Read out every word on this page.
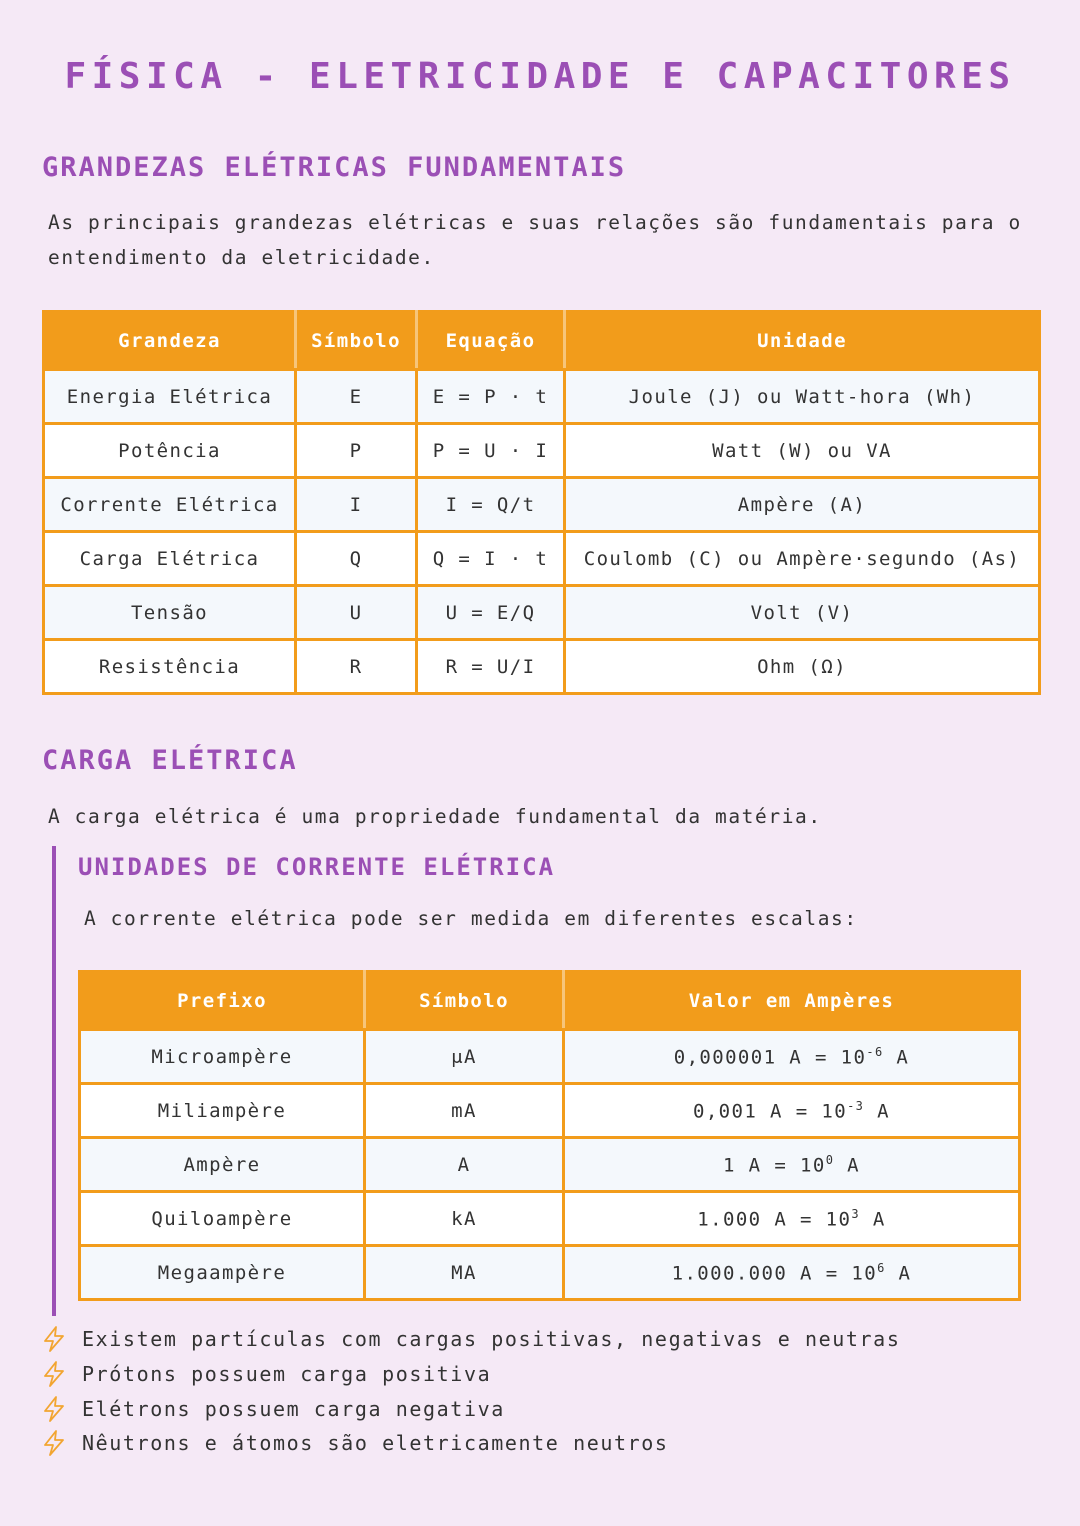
FÍSICA - ELETRICIDADE E CAPACITORES
GRANDEZAS ELÉTRICAS FUNDAMENTAIS

As principais grandezas elétricas e suas relações são fundamentais para o
entendimento da eletricidade.

Grandeza	Símbolo	Equação	Unidade
Energia Elétrica	E	E = P · t	Joule (J) ou Watt-hora (Wh)
Potência	P	P = U · I	Watt (W) ou VA
Corrente Elétrica	I	I = Q/t	Ampère (A)
Carga Elétrica	Q	Q = I · t	Coulomb (C) ou Ampère·segundo (As)
Tensão	U	U = E/Q	Volt (V)
Resistência	R	R = U/I	Ohm (Ω)
CARGA ELÉTRICA

A carga elétrica é uma propriedade fundamental da matéria.

UNIDADES DE CORRENTE ELÉTRICA

A corrente elétrica pode ser medida em diferentes escalas:

Prefixo	Símbolo	Valor em Ampères
Microampère	μA	0,000001 $A = 10^{-6}$ A
Miliampère	mA	0,001 $A = 10^{-3}$ A
Ampère	A	1 $A = 10^0$ A
Quiloampère	kA	1.000 $A = 10^3$ A
Megaampère	MA	1.000.000 $A = 10^6$ A
Existem partículas com cargas positivas, negativas e neutras
Prótons possuem carga positiva
Elétrons possuem carga negativa
Nêutrons e átomos são eletricamente neutros
